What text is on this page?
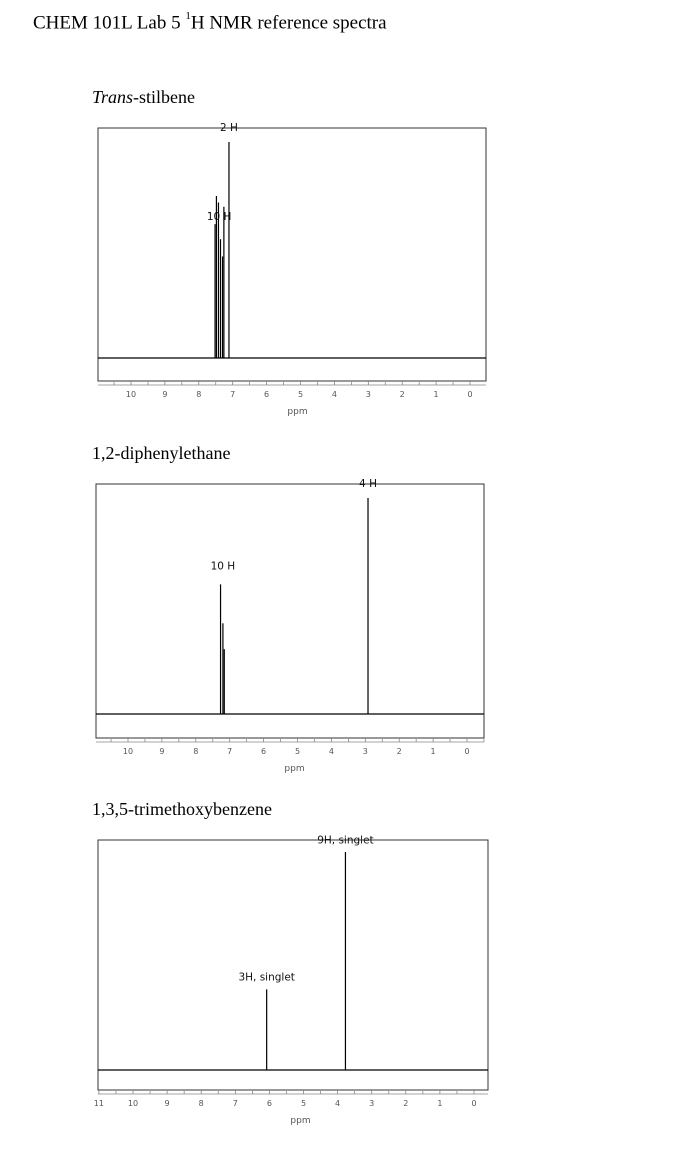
CHEM 101L Lab 5 $^1$H NMR reference spectra
Trans-stilbene
1,2-diphenylethane
1,3,5-trimethoxybenzene
10	9	8	7	6	5	4	3	2	1	0
ppm
10 H
2 H
10	9	8	7	6	5	4	3	2	1	0
ppm
10 H
4 H
11	10	9	8	7	6	5	4	3	2	1	0
ppm
3H, singlet
9H, singlet
